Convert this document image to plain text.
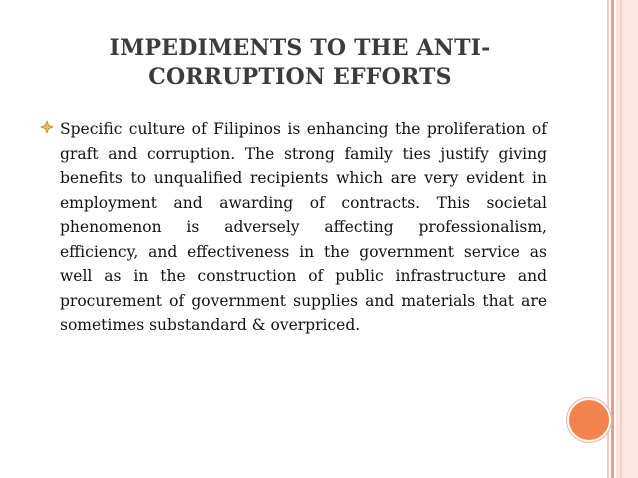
IMPEDIMENTS TO THE ANTI-
CORRUPTION EFFORTS
Specific culture of Filipinos is enhancing the proliferation of graft and corruption. The strong family ties justify giving benefits to unqualified recipients which are very evident in employment and awarding of contracts. This societal phenomenon is adversely affecting professionalism, efficiency, and effectiveness in the government service as well as in the construction of public infrastructure and procurement of government supplies and materials that are sometimes substandard & overpriced.
